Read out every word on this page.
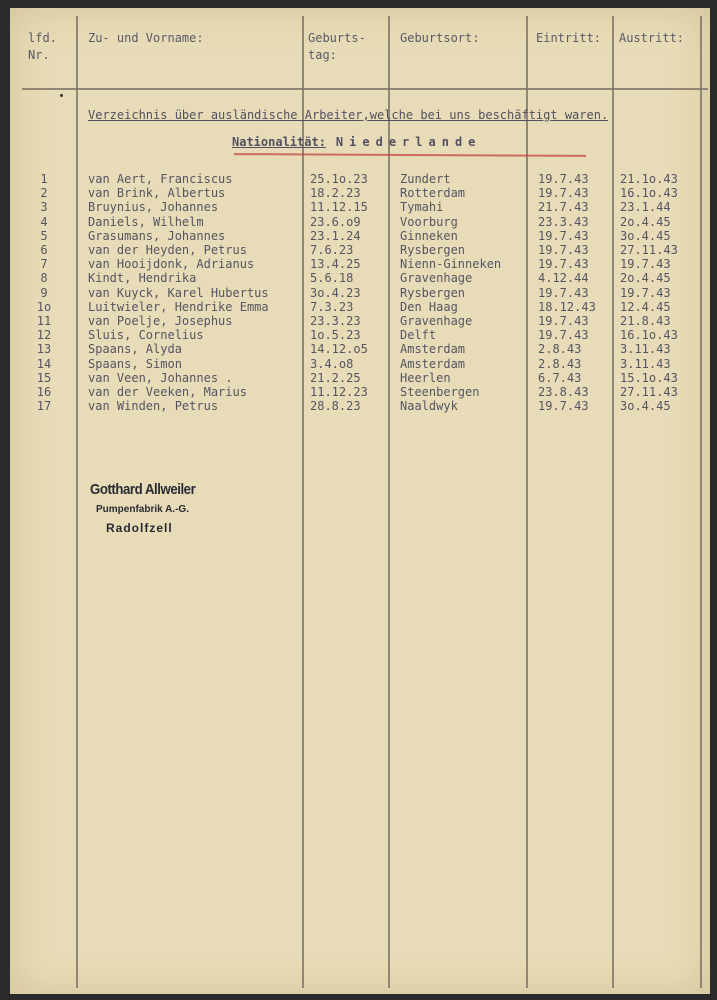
lfd.
Nr.
Zu- und Vorname:	Geburts-
tag:
Geburtsort:	Eintritt: Austritt:
Verzeichnis über ausländische Arbeiter,welche bei uns beschäftigt waren.
Nationalität: Niederlande
1	van Aert, Franciscus	25.1o.23	Zundert	19.7.43	21.1o.43
2	van Brink, Albertus	18.2.23	Rotterdam	19.7.43	16.1o.43
3	Bruynius, Johannes	11.12.15	Tymahi	21.7.43	23.1.44
4	Daniels, Wilhelm	23.6.o9	Voorburg	23.3.43	2o.4.45
5	Grasumans, Johannes	23.1.24	Ginneken	19.7.43	3o.4.45
6	van der Heyden, Petrus	7.6.23	Rysbergen	19.7.43	27.11.43
7	van Hooijdonk, Adrianus	13.4.25	Nienn-Ginneken	19.7.43	19.7.43
8	Kindt, Hendrika	5.6.18	Gravenhage	4.12.44	2o.4.45
9	van Kuyck, Karel Hubertus	3o.4.23	Rysbergen	19.7.43	19.7.43
1o	Luitwieler, Hendrike Emma	7.3.23	Den Haag	18.12.43 12.4.45
11	van Poelje, Josephus	23.3.23	Gravenhage	19.7.43	21.8.43
12	Sluis, Cornelius	1o.5.23	Delft	19.7.43	16.1o.43
13	Spaans, Alyda	14.12.o5	Amsterdam	2.8.43	3.11.43
14	Spaans, Simon	3.4.o8	Amsterdam	2.8.43	3.11.43
15	van Veen, Johannes .	21.2.25	Heerlen	6.7.43	15.1o.43
16	van der Veeken, Marius	11.12.23	Steenbergen	23.8.43	27.11.43
17	van Winden, Petrus	28.8.23	Naaldwyk	19.7.43	3o.4.45
Gotthard Allweiler
Pumpenfabrik A.-G.
Radolfzell
